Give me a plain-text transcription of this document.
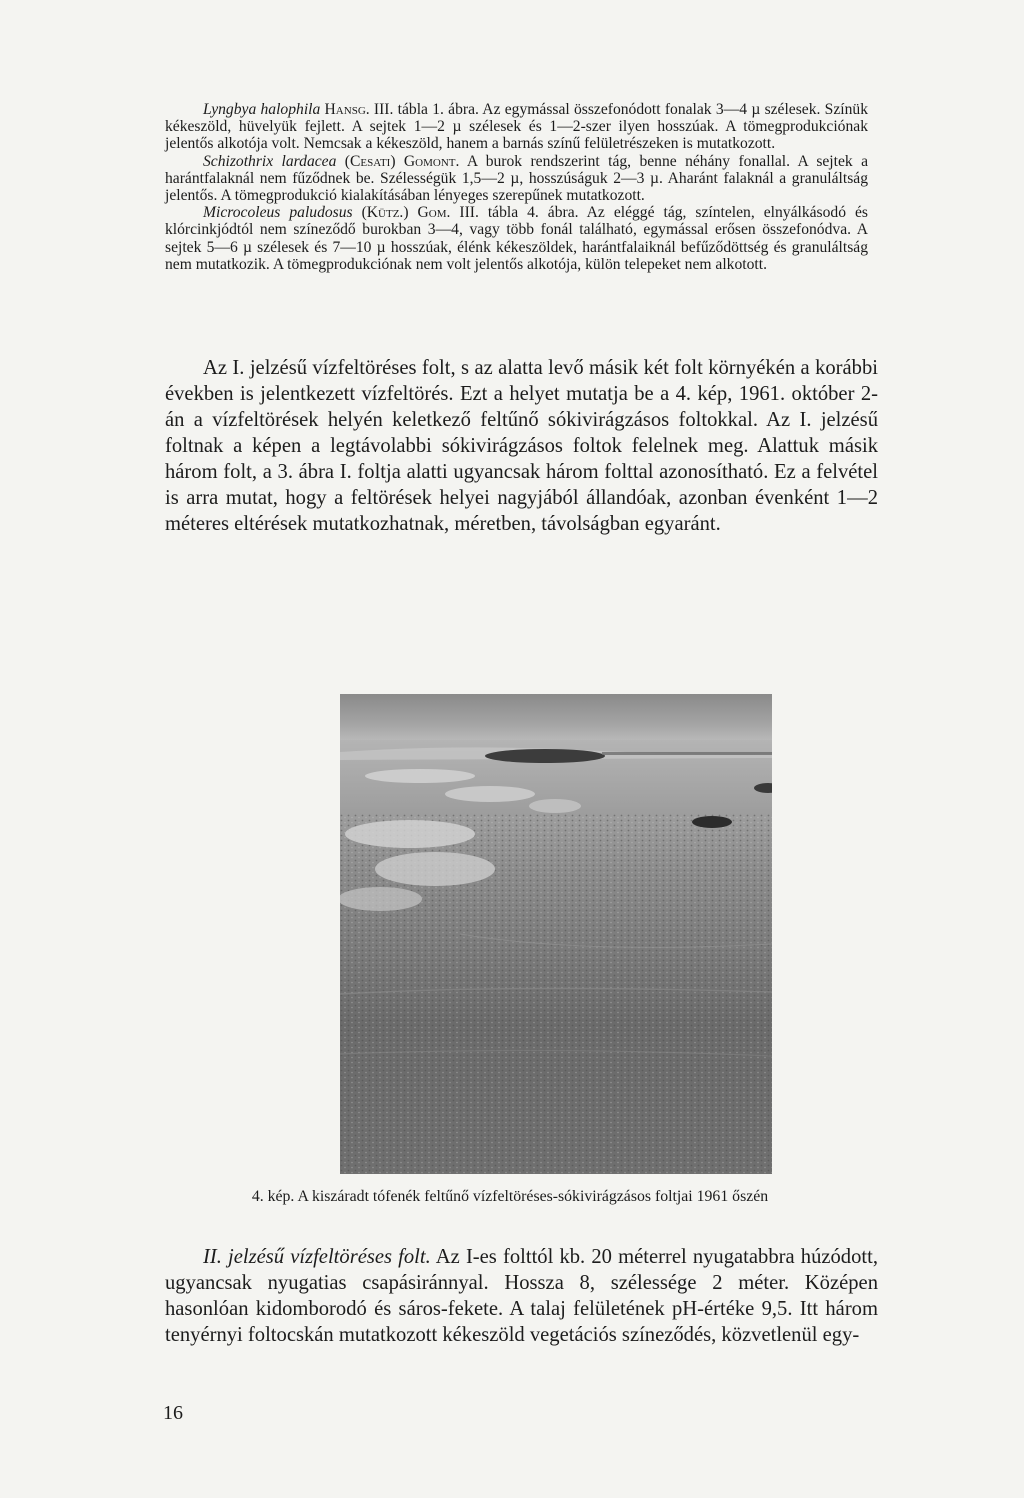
Lyngbya halophila Hansg. III. tábla 1. ábra. Az egymással összefonódott fonalak 3—4 µ szélesek. Színük kékeszöld, hüvelyük fejlett. A sejtek 1—2 µ szélesek és 1—2-szer ilyen hosszúak. A tömegprodukciónak jelentős alkotója volt. Nemcsak a kékeszöld, hanem a barnás színű felületrészeken is mutatkozott.

Schizothrix lardacea (Cesati) Gomont. A burok rendszerint tág, benne néhány fonallal. A sejtek a harántfalaknál nem fűződnek be. Szélességük 1,5—2 µ, hosszúságuk 2—3 µ. Aharánt falaknál a granuláltság jelentős. A tömegprodukció kialakításában lényeges szerepűnek mutatkozott.

Microcoleus paludosus (Kütz.) Gom. III. tábla 4. ábra. Az eléggé tág, színtelen, elnyálkásodó és klórcinkjódtól nem színeződő burokban 3—4, vagy több fonál található, egymással erősen összefonódva. A sejtek 5—6 µ szélesek és 7—10 µ hosszúak, élénk kékeszöldek, harántfalaiknál befűződöttség és granuláltság nem mutatkozik. A tömegprodukciónak nem volt jelentős alkotója, külön telepeket nem alkotott.

Az I. jelzésű vízfeltöréses folt, s az alatta levő másik két folt környékén a korábbi években is jelentkezett vízfeltörés. Ezt a helyet mutatja be a 4. kép, 1961. október 2-án a vízfeltörések helyén keletkező feltűnő sókivirágzásos foltokkal. Az I. jelzésű foltnak a képen a legtávolabbi sókivirágzásos foltok felelnek meg. Alattuk másik három folt, a 3. ábra I. foltja alatti ugyancsak három folttal azonosítható. Ez a felvétel is arra mutat, hogy a feltörések helyei nagyjából állandóak, azonban évenként 1—2 méteres eltérések mutatkozhatnak, méretben, távolságban egyaránt.

4. kép. A kiszáradt tófenék feltűnő vízfeltöréses-sókivirágzásos foltjai 1961 őszén

II. jelzésű vízfeltöréses folt. Az I-es folttól kb. 20 méterrel nyugatabbra húzódott, ugyancsak nyugatias csapásiránnyal. Hossza 8, szélessége 2 méter. Középen hasonlóan kidomborodó és sáros-fekete. A talaj felületének pH-értéke 9,5. Itt három tenyérnyi foltocskán mutatkozott kékeszöld vegetációs színeződés, közvetlenül egy-

16
